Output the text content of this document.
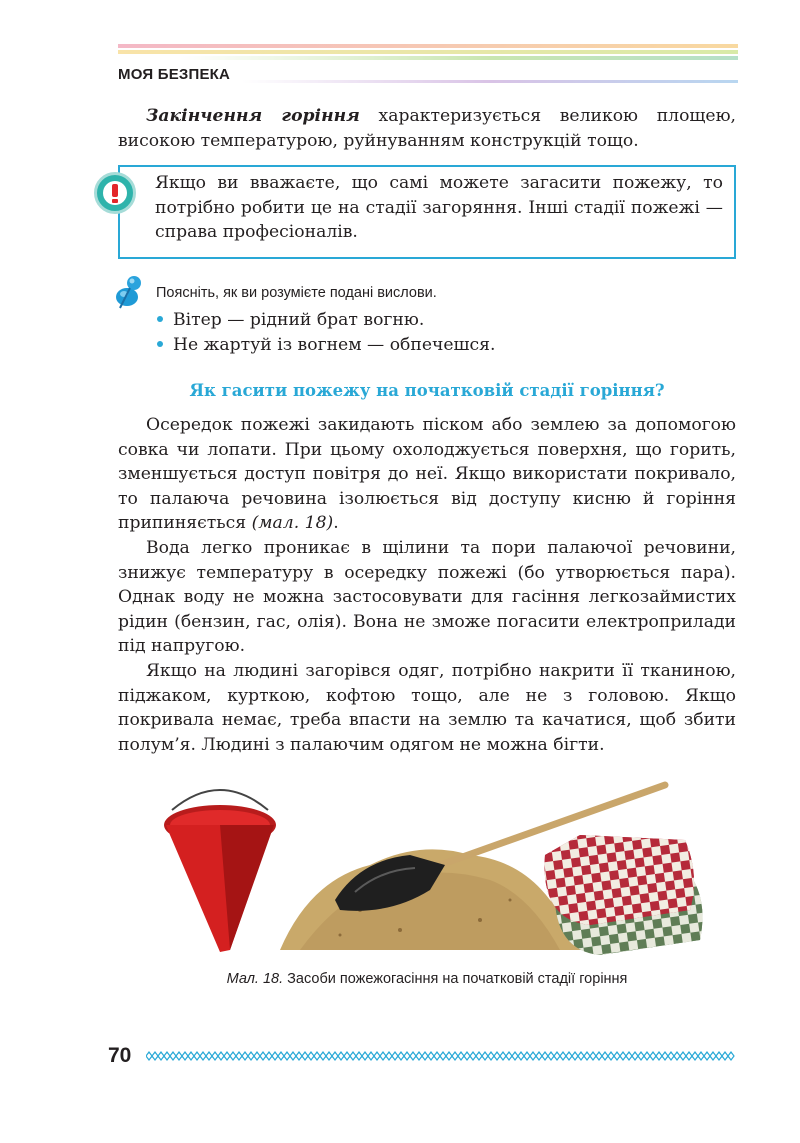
МОЯ БЕЗПЕКА
Закінчення горіння характеризується великою площею, високою температурою, руйнуванням конструкцій тощо.
Якщо ви вважаєте, що самі можете загасити пожежу, то потрібно робити це на стадії загоряння. Інші стадії пожежі — справа професіоналів.
Поясніть, як ви розумієте подані вислови.
Вітер — рідний брат вогню.
Не жартуй із вогнем — обпечешся.
Як гасити пожежу на початковій стадії горіння?
Осередок пожежі закидають піском або землею за допомогою совка чи лопати. При цьому охолоджується поверхня, що горить, зменшується доступ повітря до неї. Якщо використати покривало, то палаюча речовина ізолюється від доступу кисню й горіння припиняється (мал. 18).
Вода легко проникає в щілини та пори палаючої речовини, знижує температуру в осередку пожежі (бо утворюється пара). Однак воду не можна застосовувати для гасіння легкозаймистих рідин (бензин, гас, олія). Вона не зможе погасити електроприлади під напругою.
Якщо на людині загорівся одяг, потрібно накрити її тканиною, піджаком, курткою, кофтою тощо, але не з головою. Якщо покривала немає, треба впасти на землю та качатися, щоб збити полум’я. Людині з палаючим одягом не можна бігти.
Мал. 18. Засоби пожежогасіння на початковій стадії горіння
70
